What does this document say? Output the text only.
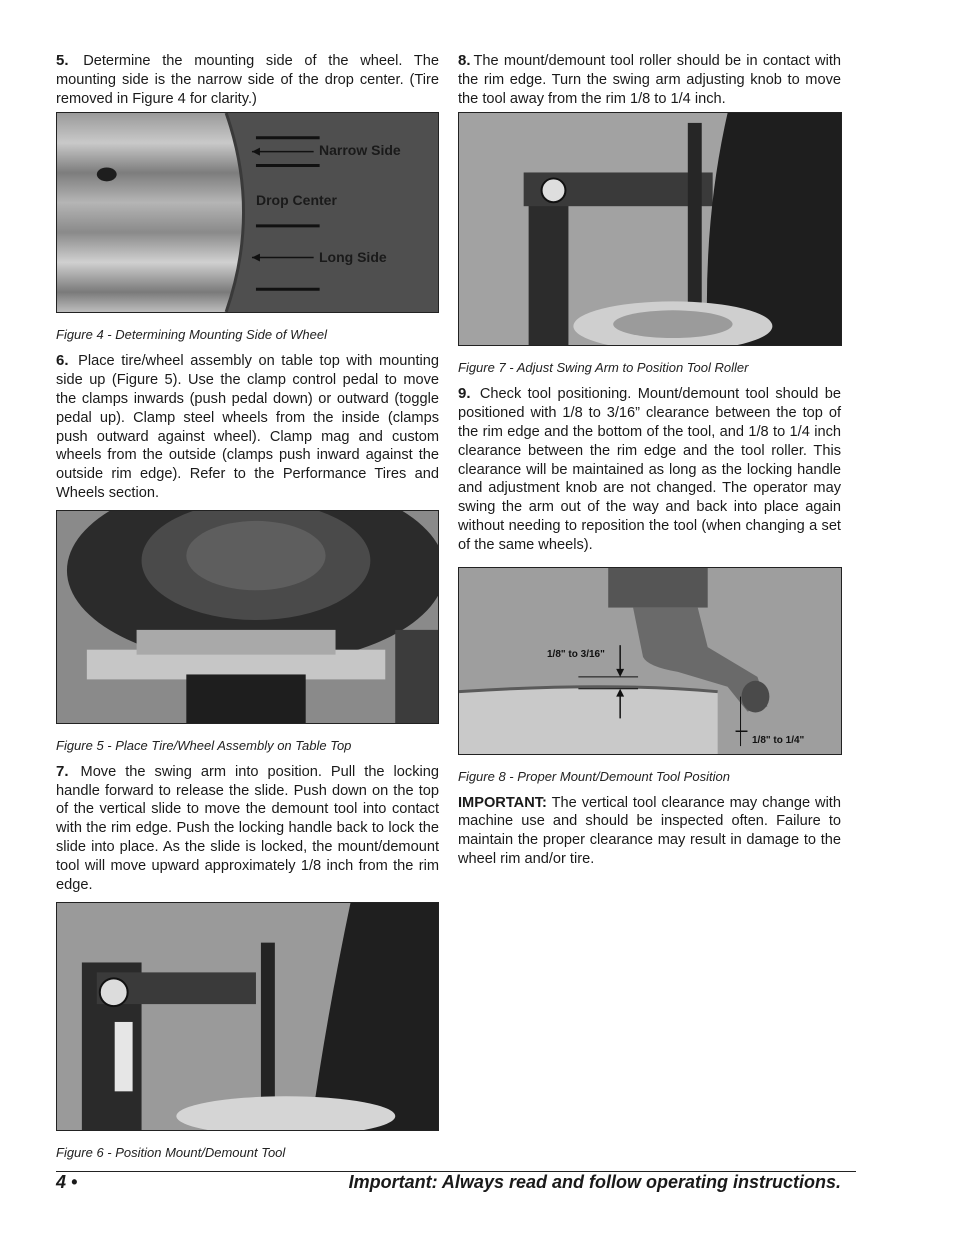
5. Determine the mounting side of the wheel. The mounting side is the narrow side of the drop center. (Tire removed in Figure 4 for clarity.)

Narrow Side
Drop Center
Long Side

Figure 4 - Determining Mounting Side of Wheel

6. Place tire/wheel assembly on table top with mounting side up (Figure 5). Use the clamp control pedal to move the clamps inwards (push pedal down) or outward (toggle pedal up). Clamp steel wheels from the inside (clamps push outward against wheel). Clamp mag and custom wheels from the outside (clamps push inward against the outside rim edge). Refer to the Performance Tires and Wheels section.

Figure 5 - Place Tire/Wheel Assembly on Table Top

7. Move the swing arm into position. Pull the locking handle forward to release the slide. Push down on the top of the vertical slide to move the demount tool into contact with the rim edge. Push the locking handle back to lock the slide into place. As the slide is locked, the mount/demount tool will move upward approximately 1/8 inch from the rim edge.

Figure 6 - Position Mount/Demount Tool

8. The mount/demount tool roller should be in contact with the rim edge. Turn the swing arm adjusting knob to move the tool away from the rim 1/8 to 1/4 inch.

Figure 7 - Adjust Swing Arm to Position Tool Roller

9. Check tool positioning. Mount/demount tool should be positioned with 1/8 to 3/16” clearance between the top of the rim edge and the bottom of the tool, and 1/8 to 1/4 inch clearance between the rim edge and the tool roller. This clearance will be maintained as long as the locking handle and adjustment knob are not changed. The operator may swing the arm out of the way and back into place again without needing to reposition the tool (when changing a set of the same wheels).

1/8" to 3/16"
1/8" to 1/4"

Figure 8 - Proper Mount/Demount Tool Position

IMPORTANT: The vertical tool clearance may change with machine use and should be inspected often. Failure to maintain the proper clearance may result in damage to the wheel rim and/or tire.

4 •	Important: Always read and follow operating instructions.
